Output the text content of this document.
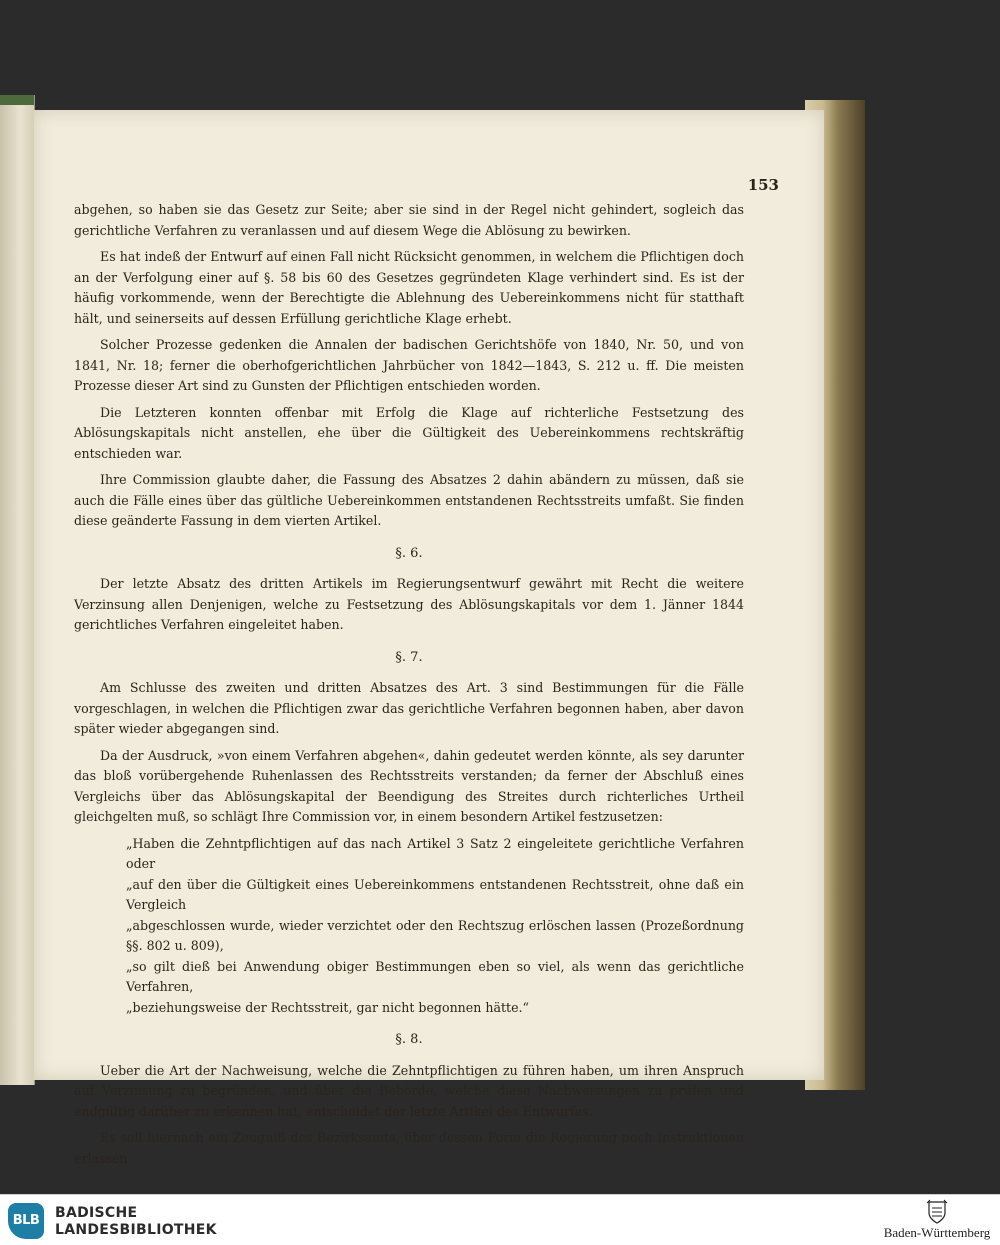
153

abgehen, so haben sie das Gesetz zur Seite; aber sie sind in der Regel nicht gehindert, sogleich das gerichtliche Verfahren zu veranlassen und auf diesem Wege die Ablösung zu bewirken.

Es hat indeß der Entwurf auf einen Fall nicht Rücksicht genommen, in welchem die Pflichtigen doch an der Verfolgung einer auf §. 58 bis 60 des Gesetzes gegründeten Klage verhindert sind. Es ist der häufig vorkommende, wenn der Berechtigte die Ablehnung des Uebereinkommens nicht für statthaft hält, und seinerseits auf dessen Erfüllung gerichtliche Klage erhebt.

Solcher Prozesse gedenken die Annalen der badischen Gerichtshöfe von 1840, Nr. 50, und von 1841, Nr. 18; ferner die oberhofgerichtlichen Jahrbücher von 1842—1843, S. 212 u. ff. Die meisten Prozesse dieser Art sind zu Gunsten der Pflichtigen entschieden worden.

Die Letzteren konnten offenbar mit Erfolg die Klage auf richterliche Festsetzung des Ablösungskapitals nicht anstellen, ehe über die Gültigkeit des Uebereinkommens rechtskräftig entschieden war.

Ihre Commission glaubte daher, die Fassung des Absatzes 2 dahin abändern zu müssen, daß sie auch die Fälle eines über das gültliche Uebereinkommen entstandenen Rechtsstreits umfaßt. Sie finden diese geänderte Fassung in dem vierten Artikel.

§. 6.

Der letzte Absatz des dritten Artikels im Regierungsentwurf gewährt mit Recht die weitere Verzinsung allen Denjenigen, welche zu Festsetzung des Ablösungskapitals vor dem 1. Jänner 1844 gerichtliches Verfahren eingeleitet haben.

§. 7.

Am Schlusse des zweiten und dritten Absatzes des Art. 3 sind Bestimmungen für die Fälle vorgeschlagen, in welchen die Pflichtigen zwar das gerichtliche Verfahren begonnen haben, aber davon später wieder abgegangen sind.

Da der Ausdruck, »von einem Verfahren abgehen«, dahin gedeutet werden könnte, als sey darunter das bloß vorübergehende Ruhenlassen des Rechtsstreits verstanden; da ferner der Abschluß eines Vergleichs über das Ablösungskapital der Beendigung des Streites durch richterliches Urtheil gleichgelten muß, so schlägt Ihre Commission vor, in einem besondern Artikel festzusetzen:

„Haben die Zehntpflichtigen auf das nach Artikel 3 Satz 2 eingeleitete gerichtliche Verfahren oder

„auf den über die Gültigkeit eines Uebereinkommens entstandenen Rechtsstreit, ohne daß ein Vergleich

„abgeschlossen wurde, wieder verzichtet oder den Rechtszug erlöschen lassen (Prozeßordnung §§. 802 u. 809),

„so gilt dieß bei Anwendung obiger Bestimmungen eben so viel, als wenn das gerichtliche Verfahren,

„beziehungsweise der Rechtsstreit, gar nicht begonnen hätte.“

§. 8.

Ueber die Art der Nachweisung, welche die Zehntpflichtigen zu führen haben, um ihren Anspruch auf Verzinsung zu begründen, und über die Behörde, welche diese Nachweisungen zu prüfen und endgültig darüber zu erkennen hat, entscheidet der letzte Artikel des Entwurfes.

Es soll hiernach ein Zeugniß des Bezirksamts, über dessen Form die Regierung noch Instruktionen erlassen

BLB	BADISCHE
LANDESBIBLIOTHEK	Baden-Württemberg
